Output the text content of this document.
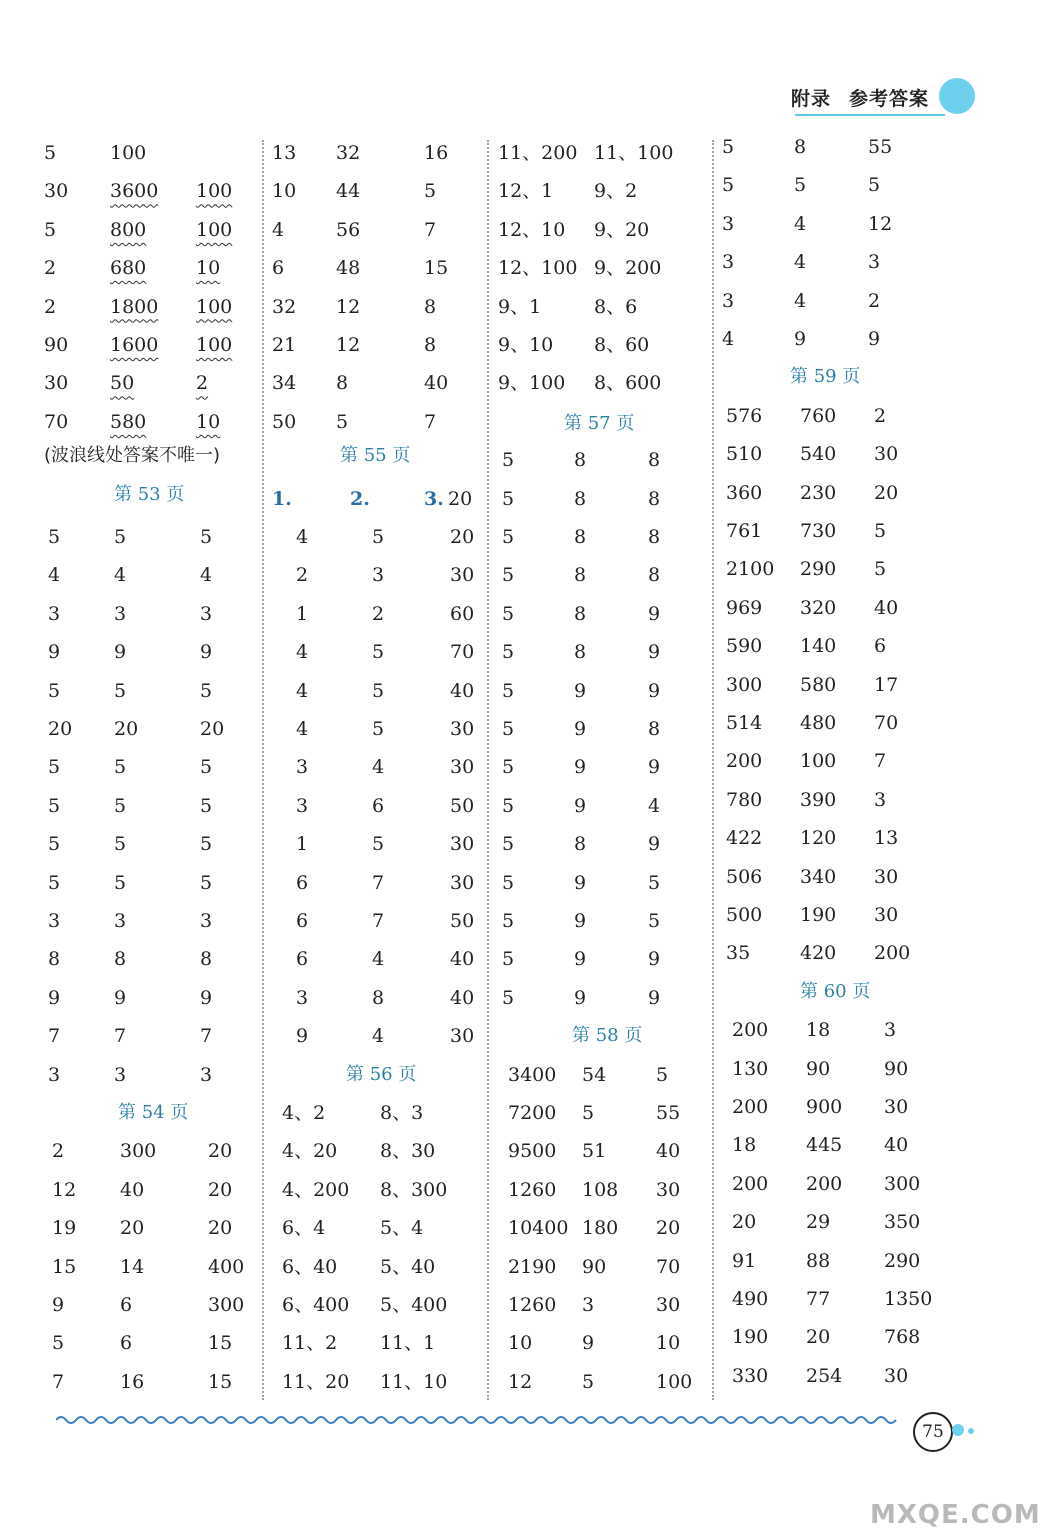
附录 参考答案
5	100
30 3600	100
5	800	100
2	680	10
2	1800	100
90 1600	100
30 50	2
70 580	10
(波浪线处答案不唯一)
第 53 页
5	5	5
4	4	4
3	3	3
9	9	9
5	5	5
20 20	20
5	5	5
5	5	5
5	5	5
5	5	5
3	3	3
8	8	8
9	9	9
7	7	7
3	3	3
第 54 页
2	300	20
12 40	20
19 20	20
15 14	400
9	6	300
5	6	15
7	16	15
13 32	16
10 44	5
4	56	7
6	48	15
32 12	8
21 12	8
34 8	40
50 5	7
第 55 页
1.	2.	3. 20
4	5	20
2	3	30
1	2	60
4	5	70
4	5	40
4	5	30
3	4	30
3	6	50
1	5	30
6	7	30
6	7	50
6	4	40
3	8	40
9	4	30
第 56 页
4、2	8、3
4、20 8、30
4、200 8、300
6、4	5、4
6、40 5、40
6、400 5、400
11、2 11、1
11、20 11、10
11、200 11、100
12、1 9、2
12、10 9、20
12、100 9、200
9、1	8、6
9、10 8、60
9、100 8、600
第 57 页
5	8	8
5	8	8
5	8	8
5	8	8
5	8	9
5	8	9
5	9	9
5	9	8
5	9	9
5	9	4
5	8	9
5	9	5
5	9	5
5	9	9
5	9	9
第 58 页
3400 54	5
7200 5	55
9500 51	40
1260 108 30
10400 180 20
2190 90	70
1260 3	30
10	9	10
12	5	100
5	8	55
5	5	5
3	4	12
3	4	3
3	4	2
4	9	9
第 59 页
576 760 2
510 540 30
360 230 20
761 730 5
2100 290 5
969 320 40
590 140 6
300 580 17
514 480 70
200 100 7
780 390 3
422 120 13
506 340 30
500 190 30
35	420 200
第 60 页
200 18	3
130 90	90
200 900 30
18	445 40
200 200 300
20	29	350
91	88	290
490 77	1350
190 20	768
330 254 30
75
MXQE.COM
